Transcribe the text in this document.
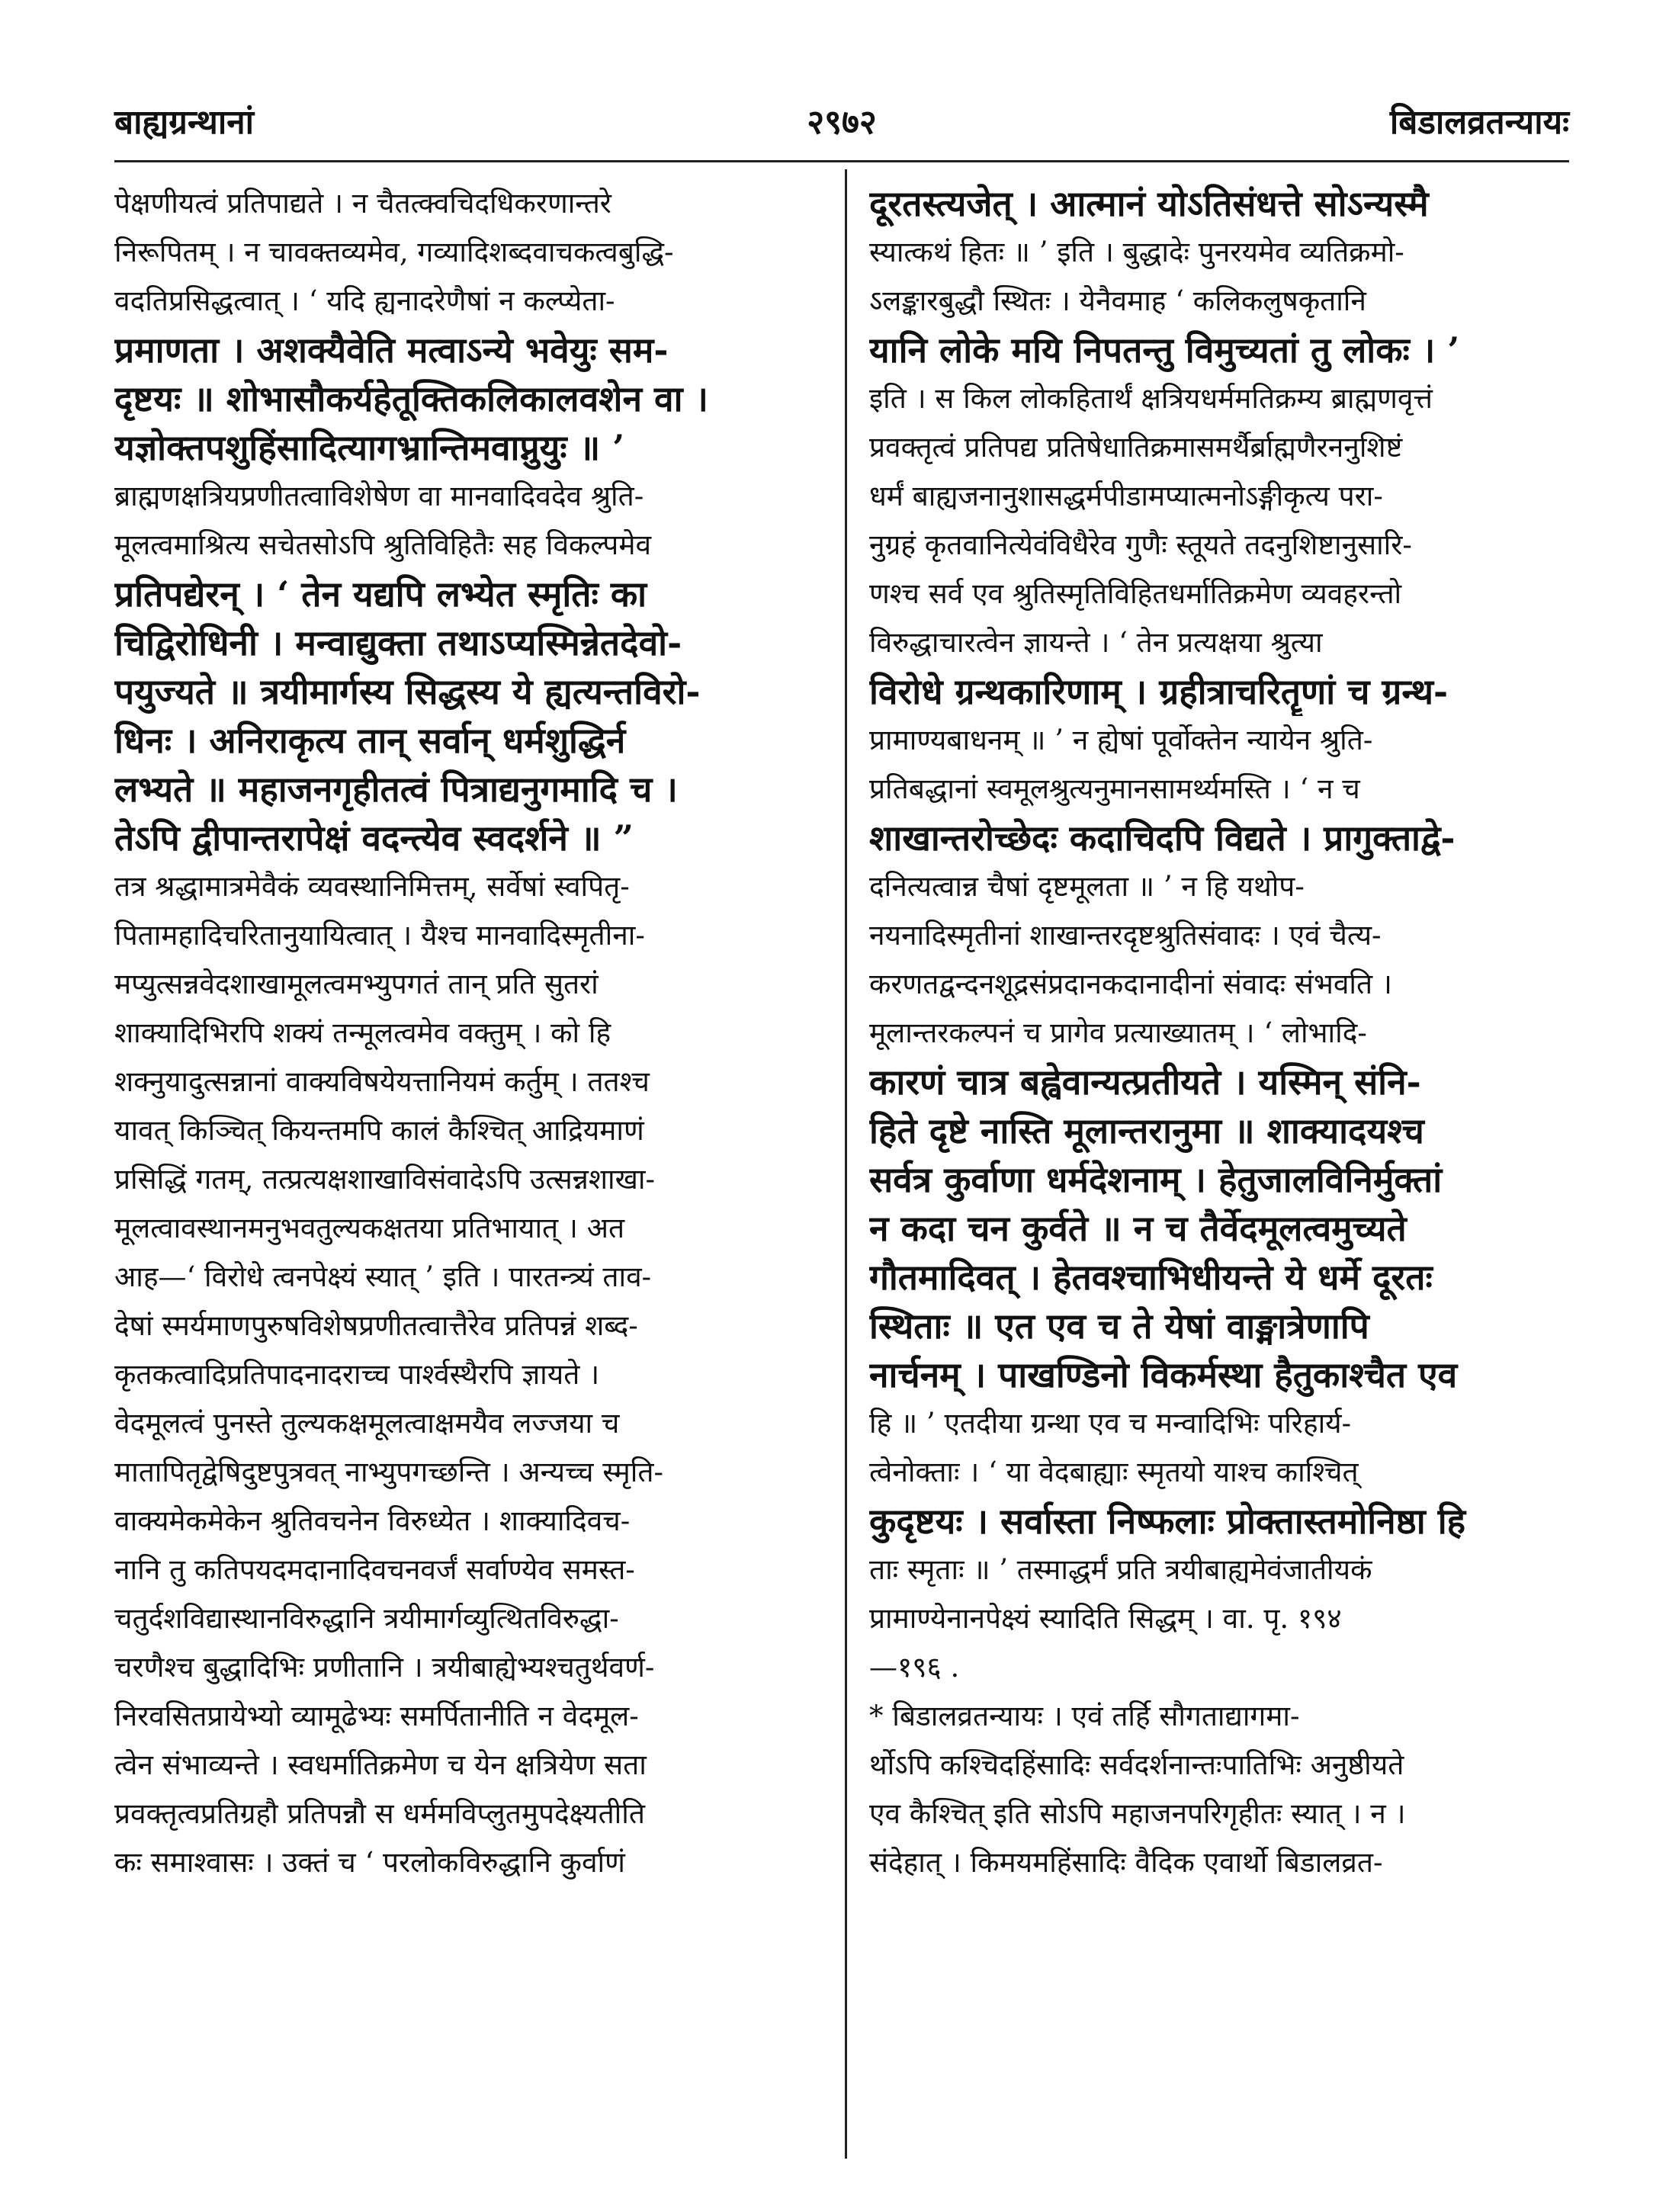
बाह्यग्रन्थानां	२९७२	बिडालव्रतन्यायः
पेक्षणीयत्वं प्रतिपाद्यते । न चैतत्क्वचिदधिकरणान्तरे
निरूपितम् । न चावक्तव्यमेव, गव्यादिशब्दवाचकत्वबुद्धि-
वदतिप्रसिद्धत्वात् । ‘ यदि ह्यनादरेणैषां न कल्प्येता-
प्रमाणता । अशक्यैवेति मत्वाऽन्ये भवेयुः सम-
दृष्टयः ॥ शोभासौकर्यहेतूक्तिकलिकालवशेन वा ।
यज्ञोक्तपशुहिंसादित्यागभ्रान्तिमवाप्नुयुः ॥ ’
ब्राह्मणक्षत्रियप्रणीतत्वाविशेषेण वा मानवादिवदेव श्रुति-
मूलत्वमाश्रित्य सचेतसोऽपि श्रुतिविहितैः सह विकल्पमेव
प्रतिपद्येरन् । ‘ तेन यद्यपि लभ्येत स्मृतिः का
चिद्विरोधिनी । मन्वाद्युक्ता तथाऽप्यस्मिन्नेतदेवो-
पयुज्यते ॥ त्रयीमार्गस्य सिद्धस्य ये ह्यत्यन्तविरो-
धिनः । अनिराकृत्य तान् सर्वान् धर्मशुद्धिर्न
लभ्यते ॥ महाजनगृहीतत्वं पित्राद्यनुगमादि च ।
तेऽपि द्वीपान्तरापेक्षं वदन्त्येव स्वदर्शने ॥ ”
तत्र श्रद्धामात्रमेवैकं व्यवस्थानिमित्तम्, सर्वेषां स्वपितृ-
पितामहादिचरितानुयायित्वात् । यैश्च मानवादिस्मृतीना-
मप्युत्सन्नवेदशाखामूलत्वमभ्युपगतं तान् प्रति सुतरां
शाक्यादिभिरपि शक्यं तन्मूलत्वमेव वक्तुम् । को हि
शक्नुयादुत्सन्नानां वाक्यविषयेयत्तानियमं कर्तुम् । ततश्च
यावत् किञ्चित् कियन्तमपि कालं कैश्चित् आद्रियमाणं
प्रसिद्धिं गतम्, तत्प्रत्यक्षशाखाविसंवादेऽपि उत्सन्नशाखा-
मूलत्वावस्थानमनुभवतुल्यकक्षतया प्रतिभायात् । अत
आह—‘ विरोधे त्वनपेक्ष्यं स्यात् ’ इति । पारतन्त्र्यं ताव-
देषां स्मर्यमाणपुरुषविशेषप्रणीतत्वात्तैरेव प्रतिपन्नं शब्द-
कृतकत्वादिप्रतिपादनादराच्च पार्श्वस्थैरपि ज्ञायते ।
वेदमूलत्वं पुनस्ते तुल्यकक्षमूलत्वाक्षमयैव लज्जया च
मातापितृद्वेषिदुष्टपुत्रवत् नाभ्युपगच्छन्ति । अन्यच्च स्मृति-
वाक्यमेकमेकेन श्रुतिवचनेन विरुध्येत । शाक्यादिवच-
नानि तु कतिपयदमदानादिवचनवर्जं सर्वाण्येव समस्त-
चतुर्दशविद्यास्थानविरुद्धानि त्रयीमार्गव्युत्थितविरुद्धा-
चरणैश्च बुद्धादिभिः प्रणीतानि । त्रयीबाह्येभ्यश्चतुर्थवर्ण-
निरवसितप्रायेभ्यो व्यामूढेभ्यः समर्पितानीति न वेदमूल-
त्वेन संभाव्यन्ते । स्वधर्मातिक्रमेण च येन क्षत्रियेण सता
प्रवक्तृत्वप्रतिग्रहौ प्रतिपन्नौ स धर्ममविप्लुतमुपदेक्ष्यतीति
कः समाश्वासः । उक्तं च ‘ परलोकविरुद्धानि कुर्वाणं
दूरतस्त्यजेत् । आत्मानं योऽतिसंधत्ते सोऽन्यस्मै
स्यात्कथं हितः ॥ ’ इति । बुद्धादेः पुनरयमेव व्यतिक्रमो-
ऽलङ्कारबुद्धौ स्थितः । येनैवमाह ‘ कलिकलुषकृतानि
यानि लोके मयि निपतन्तु विमुच्यतां तु लोकः । ’
इति । स किल लोकहितार्थं क्षत्रियधर्ममतिक्रम्य ब्राह्मणवृत्तं
प्रवक्तृत्वं प्रतिपद्य प्रतिषेधातिक्रमासमर्थैर्ब्राह्मणैरननुशिष्टं
धर्मं बाह्यजनानुशासद्धर्मपीडामप्यात्मनोऽङ्गीकृत्य परा-
नुग्रहं कृतवानित्येवंविधैरेव गुणैः स्तूयते तदनुशिष्टानुसारि-
णश्च सर्व एव श्रुतिस्मृतिविहितधर्मातिक्रमेण व्यवहरन्तो
विरुद्धाचारत्वेन ज्ञायन्ते । ‘ तेन प्रत्यक्षया श्रुत्या
विरोधे ग्रन्थकारिणाम् । ग्रहीत्राचरितॄणां च ग्रन्थ-
प्रामाण्यबाधनम् ॥ ’ न ह्येषां पूर्वोक्तेन न्यायेन श्रुति-
प्रतिबद्धानां स्वमूलश्रुत्यनुमानसामर्थ्यमस्ति । ‘ न च
शाखान्तरोच्छेदः कदाचिदपि विद्यते । प्रागुक्ताद्वे-
दनित्यत्वान्न चैषां दृष्टमूलता ॥ ’ न हि यथोप-
नयनादिस्मृतीनां शाखान्तरदृष्टश्रुतिसंवादः । एवं चैत्य-
करणतद्वन्दनशूद्रसंप्रदानकदानादीनां संवादः संभवति ।
मूलान्तरकल्पनं च प्रागेव प्रत्याख्यातम् । ‘ लोभादि-
कारणं चात्र बह्वेवान्यत्प्रतीयते । यस्मिन् संनि-
हिते दृष्टे नास्ति मूलान्तरानुमा ॥ शाक्यादयश्च
सर्वत्र कुर्वाणा धर्मदेशनाम् । हेतुजालविनिर्मुक्तां
न कदा चन कुर्वते ॥ न च तैर्वेदमूलत्वमुच्यते
गौतमादिवत् । हेतवश्चाभिधीयन्ते ये धर्मे दूरतः
स्थिताः ॥ एत एव च ते येषां वाङ्मात्रेणापि
नार्चनम् । पाखण्डिनो विकर्मस्था हैतुकाश्चैत एव
हि ॥ ’ एतदीया ग्रन्था एव च मन्वादिभिः परिहार्य-
त्वेनोक्ताः । ‘ या वेदबाह्याः स्मृतयो याश्च काश्चित्
कुदृष्टयः । सर्वास्ता निष्फलाः प्रोक्तास्तमोनिष्ठा हि
ताः स्मृताः ॥ ’ तस्माद्धर्मं प्रति त्रयीबाह्यमेवंजातीयकं
प्रामाण्येनानपेक्ष्यं स्यादिति सिद्धम् । वा. पृ. १९४
—१९६ .
* बिडालव्रतन्यायः । एवं तर्हि सौगताद्यागमा-
र्थोऽपि कश्चिदहिंसादिः सर्वदर्शनान्तःपातिभिः अनुष्ठीयते
एव कैश्चित् इति सोऽपि महाजनपरिगृहीतः स्यात् । न ।
संदेहात् । किमयमहिंसादिः वैदिक एवार्थो बिडालव्रत-
